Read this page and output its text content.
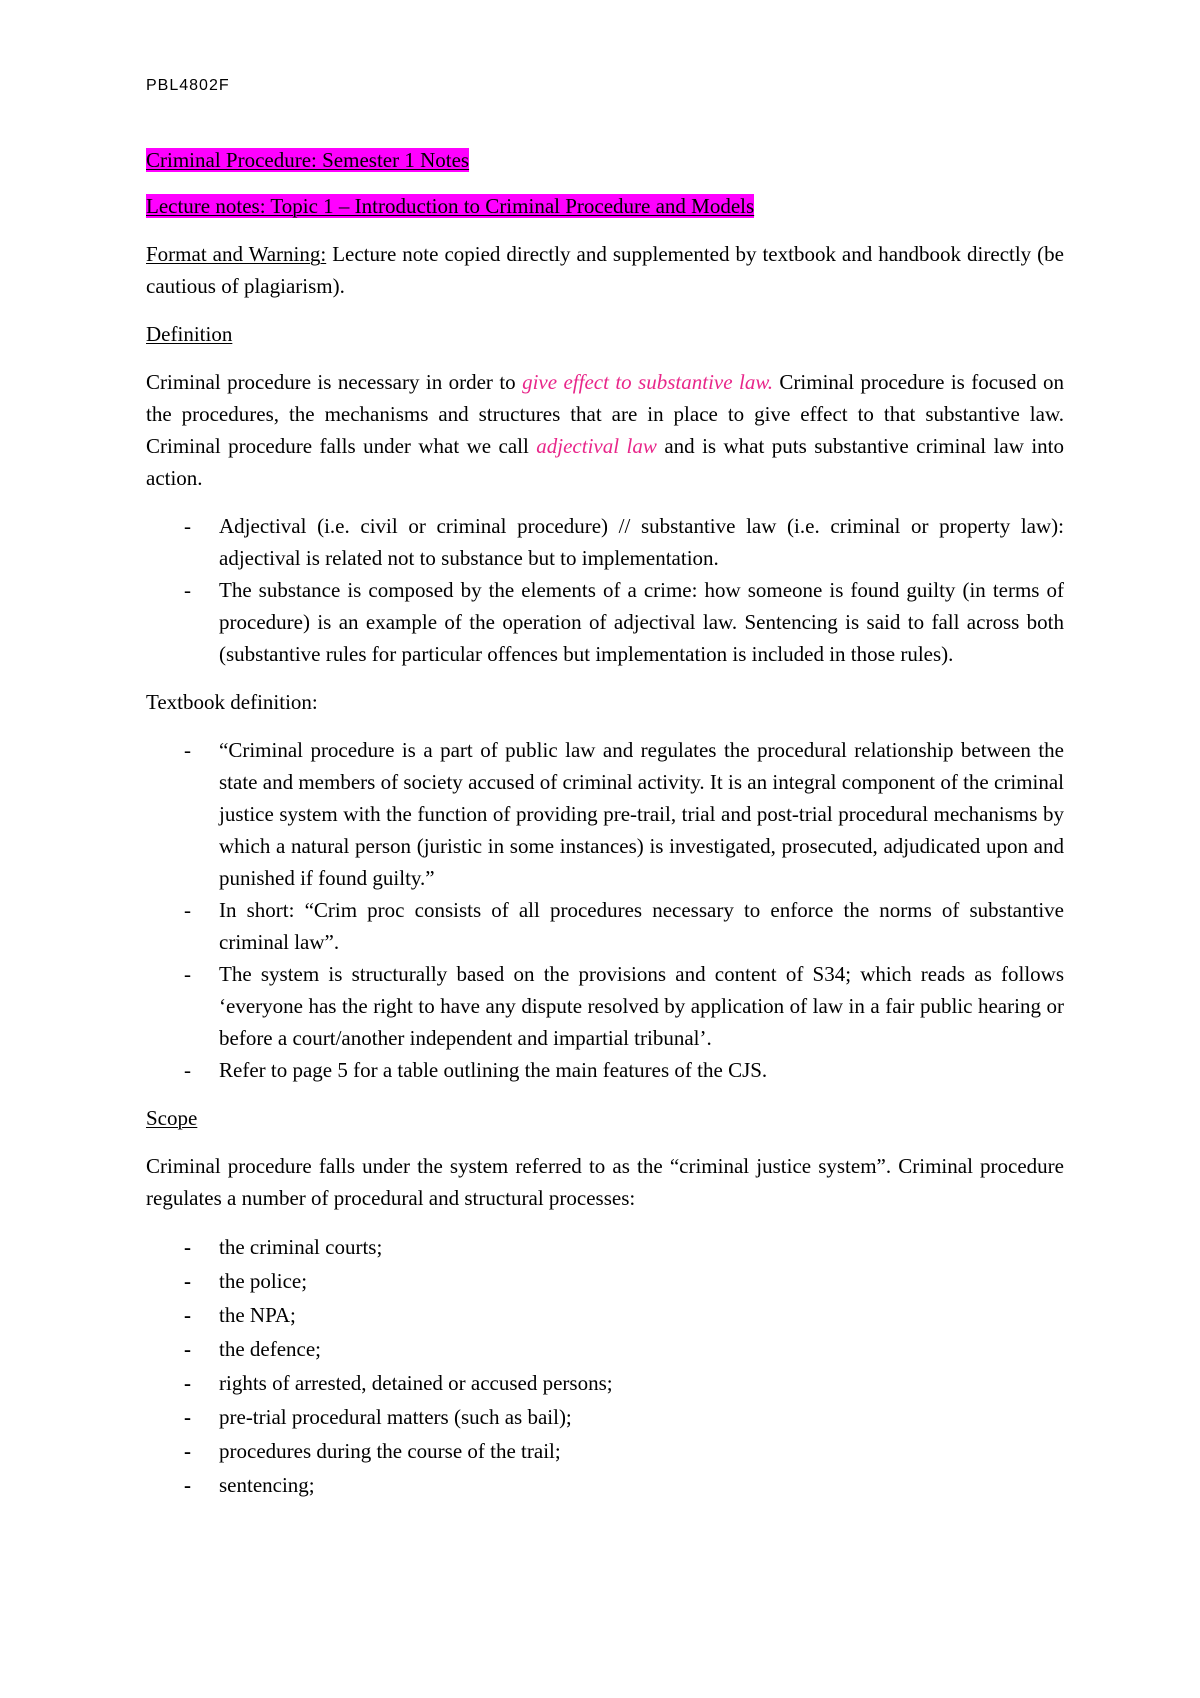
PBL4802F
Criminal Procedure: Semester 1 Notes
Lecture notes: Topic 1 – Introduction to Criminal Procedure and Models

Format and Warning: Lecture note copied directly and supplemented by textbook and handbook directly (be cautious of plagiarism).

Definition

Criminal procedure is necessary in order to give effect to substantive law. Criminal procedure is focused on the procedures, the mechanisms and structures that are in place to give effect to that substantive law. Criminal procedure falls under what we call adjectival law and is what puts substantive criminal law into action.

- Adjectival (i.e. civil or criminal procedure) // substantive law (i.e. criminal or property law): adjectival is related not to substance but to implementation.
- The substance is composed by the elements of a crime: how someone is found guilty (in terms of procedure) is an example of the operation of adjectival law. Sentencing is said to fall across both (substantive rules for particular offences but implementation is included in those rules).

Textbook definition:

- “Criminal procedure is a part of public law and regulates the procedural relationship between the state and members of society accused of criminal activity. It is an integral component of the criminal justice system with the function of providing pre-trail, trial and post-trial procedural mechanisms by which a natural person (juristic in some instances) is investigated, prosecuted, adjudicated upon and punished if found guilty.”
- In short: “Crim proc consists of all procedures necessary to enforce the norms of substantive criminal law”.
- The system is structurally based on the provisions and content of S34; which reads as follows ‘everyone has the right to have any dispute resolved by application of law in a fair public hearing or before a court/another independent and impartial tribunal’.
- Refer to page 5 for a table outlining the main features of the CJS.
Scope

Criminal procedure falls under the system referred to as the “criminal justice system”. Criminal procedure regulates a number of procedural and structural processes:

- the criminal courts;
- the police;
- the NPA;
- the defence;
- rights of arrested, detained or accused persons;
- pre-trial procedural matters (such as bail);
- procedures during the course of the trail;
- sentencing;
